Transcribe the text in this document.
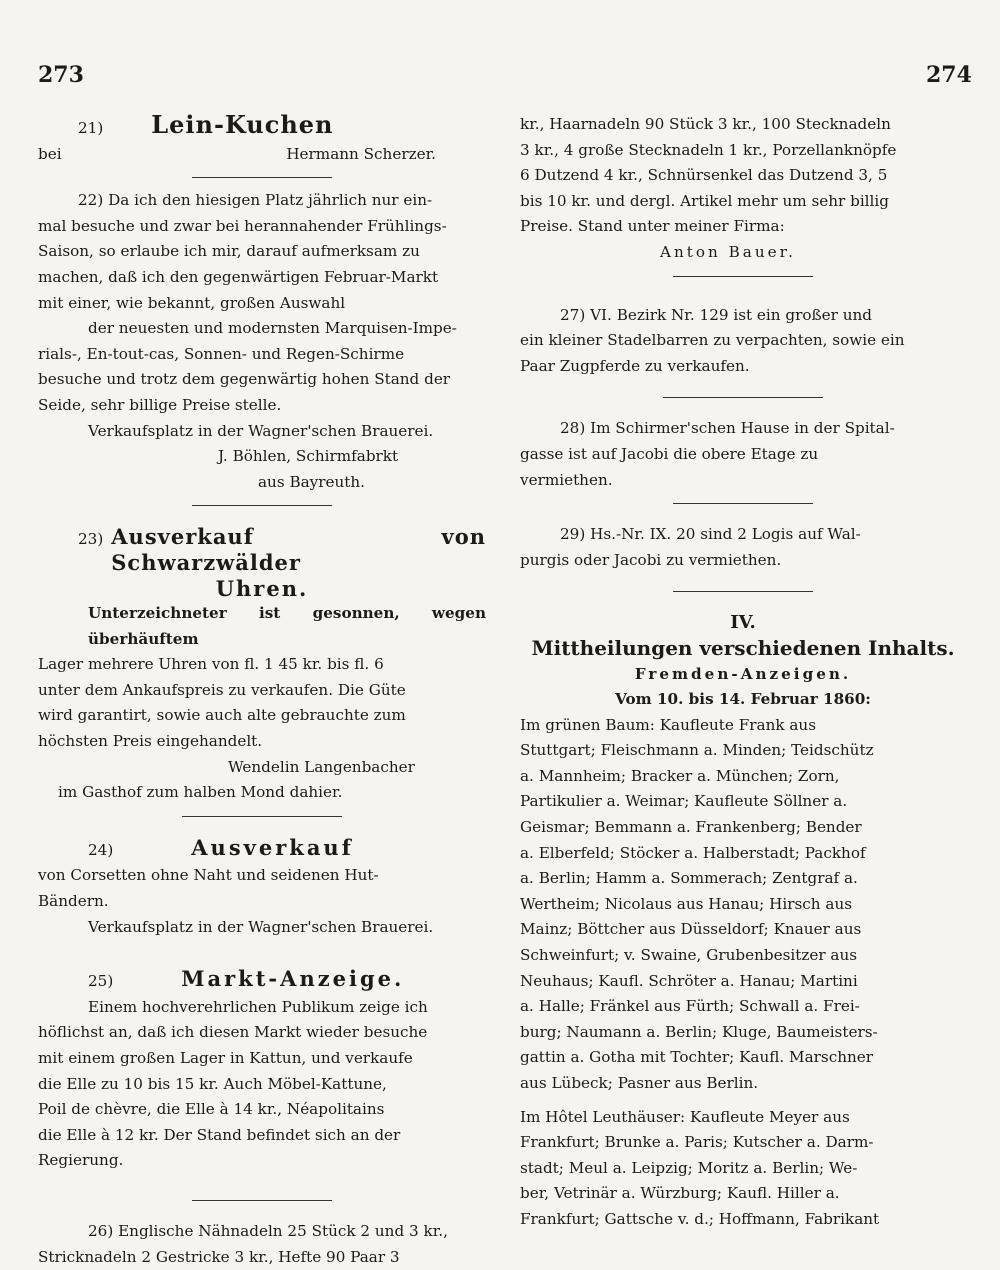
273	274
21) Lein-Kuchen
bei	Hermann Scherzer.
22) Da ich den hiesigen Platz jährlich nur ein-
mal besuche und zwar bei herannahender Frühlings-
Saison, so erlaube ich mir, darauf aufmerksam zu
machen, daß ich den gegenwärtigen Februar-Markt
mit einer, wie bekannt, großen Auswahl
der neuesten und modernsten Marquisen-Impe-
rials-, En-tout-cas, Sonnen- und Regen-Schirme
besuche und trotz dem gegenwärtig hohen Stand der
Seide, sehr billige Preise stelle.
Verkaufsplatz in der Wagner'schen Brauerei.
J. Böhlen, Schirmfabrkt
aus Bayreuth.
23) Ausverkauf von Schwarzwälder
Uhren.
Unterzeichneter ist gesonnen, wegen überhäuftem
Lager mehrere Uhren von fl. 1 45 kr. bis fl. 6
unter dem Ankaufspreis zu verkaufen. Die Güte
wird garantirt, sowie auch alte gebrauchte zum
höchsten Preis eingehandelt.
Wendelin Langenbacher
im Gasthof zum halben Mond dahier.
24)	Ausverkauf
von Corsetten ohne Naht und seidenen Hut-
Bändern.
Verkaufsplatz in der Wagner'schen Brauerei.
25)	Markt-Anzeige.
Einem hochverehrlichen Publikum zeige ich
höflichst an, daß ich diesen Markt wieder besuche
mit einem großen Lager in Kattun, und verkaufe
die Elle zu 10 bis 15 kr. Auch Möbel-Kattune,
Poil de chèvre, die Elle à 14 kr., Néapolitains
die Elle à 12 kr. Der Stand befindet sich an der
Regierung.
26) Englische Nähnadeln 25 Stück 2 und 3 kr.,
Stricknadeln 2 Gestricke 3 kr., Hefte 90 Paar 3
kr., Haarnadeln 90 Stück 3 kr., 100 Stecknadeln
3 kr., 4 große Stecknadeln 1 kr., Porzellanknöpfe
6 Dutzend 4 kr., Schnürsenkel das Dutzend 3, 5
bis 10 kr. und dergl. Artikel mehr um sehr billig
Preise. Stand unter meiner Firma:
Anton Bauer.
27) VI. Bezirk Nr. 129 ist ein großer und
ein kleiner Stadelbarren zu verpachten, sowie ein
Paar Zugpferde zu verkaufen.
28) Im Schirmer'schen Hause in der Spital-
gasse ist auf Jacobi die obere Etage zu
vermiethen.
29) Hs.-Nr. IX. 20 sind 2 Logis auf Wal-
purgis oder Jacobi zu vermiethen.
IV.
Mittheilungen verschiedenen Inhalts.
Fremden-Anzeigen.
Vom 10. bis 14. Februar 1860:
Im grünen Baum: Kaufleute Frank aus
Stuttgart; Fleischmann a. Minden; Teidschütz
a. Mannheim; Bracker a. München; Zorn,
Partikulier a. Weimar; Kaufleute Söllner a.
Geismar; Bemmann a. Frankenberg; Bender
a. Elberfeld; Stöcker a. Halberstadt; Packhof
a. Berlin; Hamm a. Sommerach; Zentgraf a.
Wertheim; Nicolaus aus Hanau; Hirsch aus
Mainz; Böttcher aus Düsseldorf; Knauer aus
Schweinfurt; v. Swaine, Grubenbesitzer aus
Neuhaus; Kaufl. Schröter a. Hanau; Martini
a. Halle; Fränkel aus Fürth; Schwall a. Frei-
burg; Naumann a. Berlin; Kluge, Baumeisters-
gattin a. Gotha mit Tochter; Kaufl. Marschner
aus Lübeck; Pasner aus Berlin.
Im Hôtel Leuthäuser: Kaufleute Meyer aus
Frankfurt; Brunke a. Paris; Kutscher a. Darm-
stadt; Meul a. Leipzig; Moritz a. Berlin; We-
ber, Vetrinär a. Würzburg; Kaufl. Hiller a.
Frankfurt; Gattsche v. d.; Hoffmann, Fabrikant
